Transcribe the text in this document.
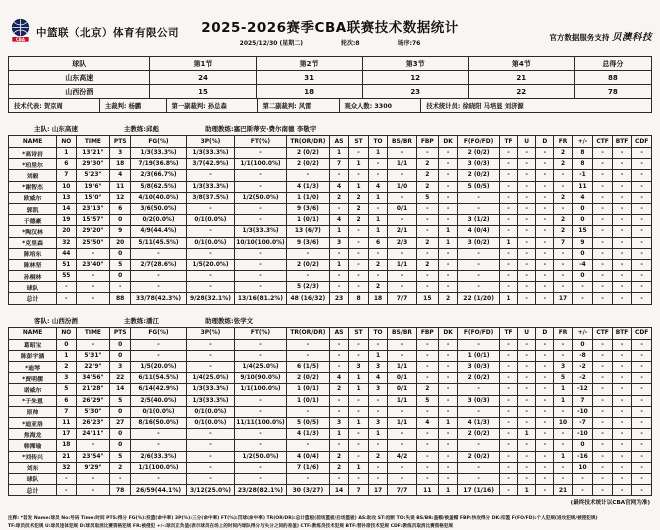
CBA
中篮联（北京）体育有限公司	2025-2026赛季CBA联赛技术数据统计
2025/12/30 (星期二)	轮次:8	场序:76
官方数据服务支持 贝澳科技
球队	第1节	第2节	第3节	第4节	总得分
山东高速	24	31	12	21	88
山西汾酒	15	18	23	22	78
技术代表: 贺京周	主裁判: 杨鹏	第一副裁判: 孙总森	第二副裁判: 风雷	观众人数: 3300	技术统计员: 徐晓阳 马培显 刘济源
主队: 山东高速	主教练:邱彪	助理教练:塞巴斯蒂安·费尔南德 李敬宇
NAME	NO	TIME	PTS	FG(%)	3P(%)	FT(%)	TR(OR/DR)	AS	ST	TO	BS/BR	FBP	DK	F(FO/FD)	TF	U	D	FR	+/-	CTF	BTF	CDF
*高诗岩	1	13'21"	3	1/3(33.3%)	1/3(33.3%)	-	2 (0/2)	1	-	1	-	-	-	2 (0/2)	-	-	-	2	8	-	-	-
*珀里尔	6	29'30"	18	7/19(36.8%)	3/7(42.9%)	1/1(100.0%)	2 (0/2)	7	1	-	1/1	2	-	3 (0/3)	-	-	-	2	8	-	-	-
刘毅	7	5'23"	4	2/3(66.7%)	-	-	-	-	-	-	-	2	-	2 (0/2)	-	-	-	-	-1	-	-	-
*谢智杰	10	19'6"	11	5/8(62.5%)	1/3(33.3%)	-	4 (1/3)	4	1	4	1/0	2	-	5 (0/5)	-	-	-	-	11	-	-	-
欧威尔	13	15'0"	12	4/10(40.0%)	3/8(37.5%)	1/2(50.0%)	1 (1/0)	2	2	1	-	5	-	-	-	-	-	2	4	-	-	-
郭凯	14	23'13"	6	3/6(50.0%)	-	-	9 (3/6)	-	2	-	0/1	-	-	-	-	-	-	-	0	-	-	-
于德豪	19	15'57"	0	0/2(0.0%)	0/1(0.0%)	-	1 (0/1)	4	2	1	-	-	-	3 (1/2)	-	-	-	2	0	-	-	-
*陶汉林	20	29'20"	9	4/9(44.4%)	-	1/3(33.3%)	13 (6/7)	1	-	1	2/1	-	1	4 (0/4)	-	-	-	2	15	-	-	-
*克里森	32	25'50"	20	5/11(45.5%)	0/1(0.0%)	10/10(100.0%)	9 (3/6)	3	-	6	2/3	2	1	3 (0/2)	1	-	-	7	9	-	-	-
陈培东	44	-	0	-	-	-	-	-	-	-	-	-	-	-	-	-	-	-	0	-	-	-
陈林坚	51	23'40"	5	2/7(28.6%)	1/5(20.0%)	-	2 (0/2)	1	-	2	1/1	2	-	-	-	-	-	-	-4	-	-	-
孙桐林	55	-	0	-	-	-	-	-	-	-	-	-	-	-	-	-	-	-	0	-	-	-
球队	-	-	-	-	-	-	5 (2/3)	-	-	2	-	-	-	-	-	-	-	-	-	-	-	-
总计	-	-	88	33/78(42.3%)	9/28(32.1%)	13/16(81.2%)	48 (16/32)	23	8	18	7/7	15	2	22 (1/20)	1	-	-	17	-	-	-	-
客队: 山西汾酒	主教练:潘江	助理教练:张学文
NAME	NO	TIME	PTS	FG(%)	3P(%)	FT(%)	TR(OR/DR)	AS	ST	TO	BS/BR	FBP	DK	F(FO/FD)	TF	U	D	FR	+/-	CTF	BTF	CDF
葛昭宝	0	-	0	-	-	-	-	-	-	-	-	-	-	-	-	-	-	-	0	-	-	-
陈彭宇涵	1	5'31"	0	-	-	-	-	-	-	1	-	-	-	1 (0/1)	-	-	-	-	-8	-	-	-
*迪琴	2	22'9"	3	1/5(20.0%)	-	1/4(25.0%)	6 (1/5)	-	3	3	1/1	-	-	3 (0/3)	-	-	-	3	-2	-	-	-
*贾明儒	3	34'56"	22	6/11(54.5%)	1/4(25.0%)	9/10(90.0%)	2 (0/2)	4	1	4	0/1	-	-	2 (0/2)	-	-	-	5	-2	-	-	-
诺威尔	5	21'28"	14	6/14(42.9%)	1/3(33.3%)	1/1(100.0%)	1 (0/1)	2	1	3	0/1	2	-	-	-	-	-	1	-12	-	-	-
*于朱恩	6	26'29"	5	2/5(40.0%)	1/3(33.3%)	-	1 (0/1)	-	-	-	1/1	5	-	3 (0/3)	-	-	-	1	7	-	-	-
原帅	7	5'30"	0	0/1(0.0%)	0/1(0.0%)	-	-	-	-	-	-	-	-	-	-	-	-	-	-10	-	-	-
*迪亚洛	11	26'23"	27	8/16(50.0%)	0/1(0.0%)	11/11(100.0%)	5 (0/5)	3	1	3	1/1	4	1	4 (1/3)	-	-	-	10	-7	-	-	-
焦海龙	17	24'11"	0	-	-	-	4 (1/3)	1	-	1	-	-	-	2 (0/2)	-	1	-	-	-10	-	-	-
韩霈瑜	18	-	0	-	-	-	-	-	-	-	-	-	-	-	-	-	-	-	0	-	-	-
*刘传兴	21	23'54"	5	2/6(33.3%)	-	1/2(50.0%)	4 (0/4)	2	-	2	4/2	-	-	2 (0/2)	-	-	-	1	-16	-	-	-
刘东	32	9'29"	2	1/1(100.0%)	-	-	7 (1/6)	2	1	-	-	-	-	-	-	-	-	-	10	-	-	-
球队	-	-	-	-	-	-	-	-	-	-	-	-	-	-	-	-	-	-	-	-	-	-
总计	-	-	78	26/59(44.1%)	3/12(25.0%)	23/28(82.1%)	30 (3/27)	14	7	17	7/7	11	1	17 (1/16)	-	1	-	21	-	-	-	-
(最终技术统计以CBA官网为准)
注释: *首发 Name:球员 No:号码 Time:时间 PTS:得分 FG(%):投篮(命中率) 3P(%):三分(命中率) FT(%):罚球(命中率) TR(OR/DR):总计篮板(前场篮板/后场篮板) AS:助攻 ST:抢断 TO:失误 BS/BR:盖帽/被盖帽 FBP:快攻得分 DK:扣篮 F(FO/FD):个人犯规(进攻犯规/被侵犯规)
TF:球员技术犯规 U:球员违体犯规 D:球员取消比赛资格犯规 FR:被侵犯 +/-:球员正负值(表示球员在场上的时间内球队得分与失分之间的差值) CTF:教练员技术犯规 BTF:替补席技术犯规 CDF:教练员取消比赛资格犯规
